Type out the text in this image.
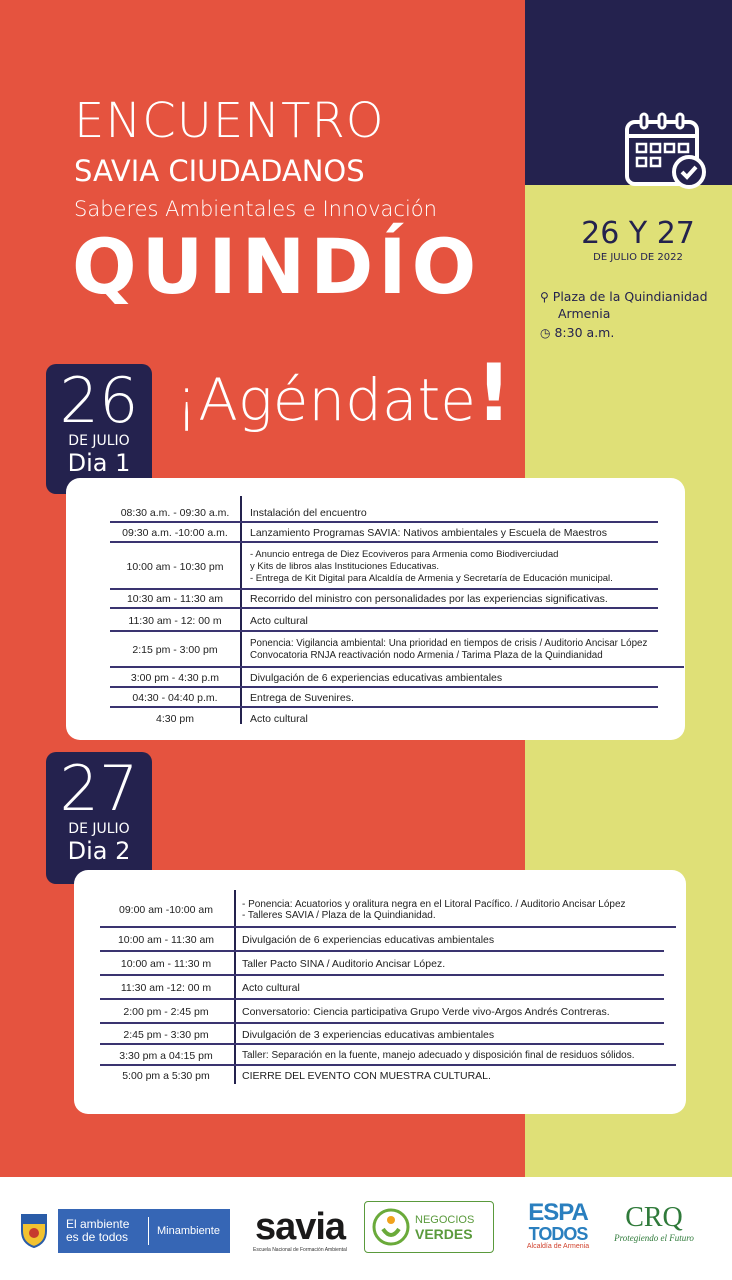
ENCUENTRO
SAVIA CIUDADANOS
Saberes Ambientales e Innovación
QUINDÍO	26 Y 27
DE JULIO DE 2022
⚲ Plaza de la Quindianidad
Armenia
◷ 8:30 a.m.
¡Agéndate!
26
DE JULIO
Dia 1
08:30 a.m. - 09:30 a.m.	Instalación del encuentro
09:30 a.m. -10:00 a.m.	Lanzamiento Programas SAVIA: Nativos ambientales y Escuela de Maestros
10:00 am - 10:30 pm
- Anuncio entrega de Diez Ecoviveros para Armenia como Biodiverciudad
y Kits de libros alas Instituciones Educativas.
- Entrega de Kit Digital para Alcaldía de Armenia y Secretaría de Educación municipal.
10:30 am - 11:30 am	Recorrido del ministro con personalidades por las experiencias significativas.
11:30 am - 12: 00 m	Acto cultural
2:15 pm - 3:00 pm
Ponencia: Vigilancia ambiental: Una prioridad en tiempos de crisis / Auditorio Ancisar López
Convocatoria RNJA reactivación nodo Armenia / Tarima Plaza de la Quindianidad
3:00 pm - 4:30 p.m	Divulgación de 6 experiencias educativas ambientales
04:30 - 04:40 p.m.	Entrega de Suvenires.
4:30 pm	Acto cultural
27
DE JULIO
Dia 2
09:00 am -10:00 am	- Ponencia: Acuatorios y oralitura negra en el Litoral Pacífico. / Auditorio Ancisar López
- Talleres SAVIA / Plaza de la Quindianidad.
10:00 am - 11:30 am	Divulgación de 6 experiencias educativas ambientales
10:00 am - 11:30 m	Taller Pacto SINA / Auditorio Ancisar López.
11:30 am -12: 00 m	Acto cultural
2:00 pm - 2:45 pm	Conversatorio: Ciencia participativa Grupo Verde vivo-Argos Andrés Contreras.
2:45 pm - 3:30 pm	Divulgación de 3 experiencias educativas ambientales
3:30 pm a 04:15 pm	Taller: Separación en la fuente, manejo adecuado y disposición final de residuos sólidos.
5:00 pm a 5:30 pm	CIERRE DEL EVENTO CON MUESTRA CULTURAL.
El ambiente
es de todos	Minambiente savia
Escuela Nacional de Formación Ambiental
NEGOCIOS
VERDES
ESPA
TODOS
Alcaldía de Armenia
CRQ
Protegiendo el Futuro
